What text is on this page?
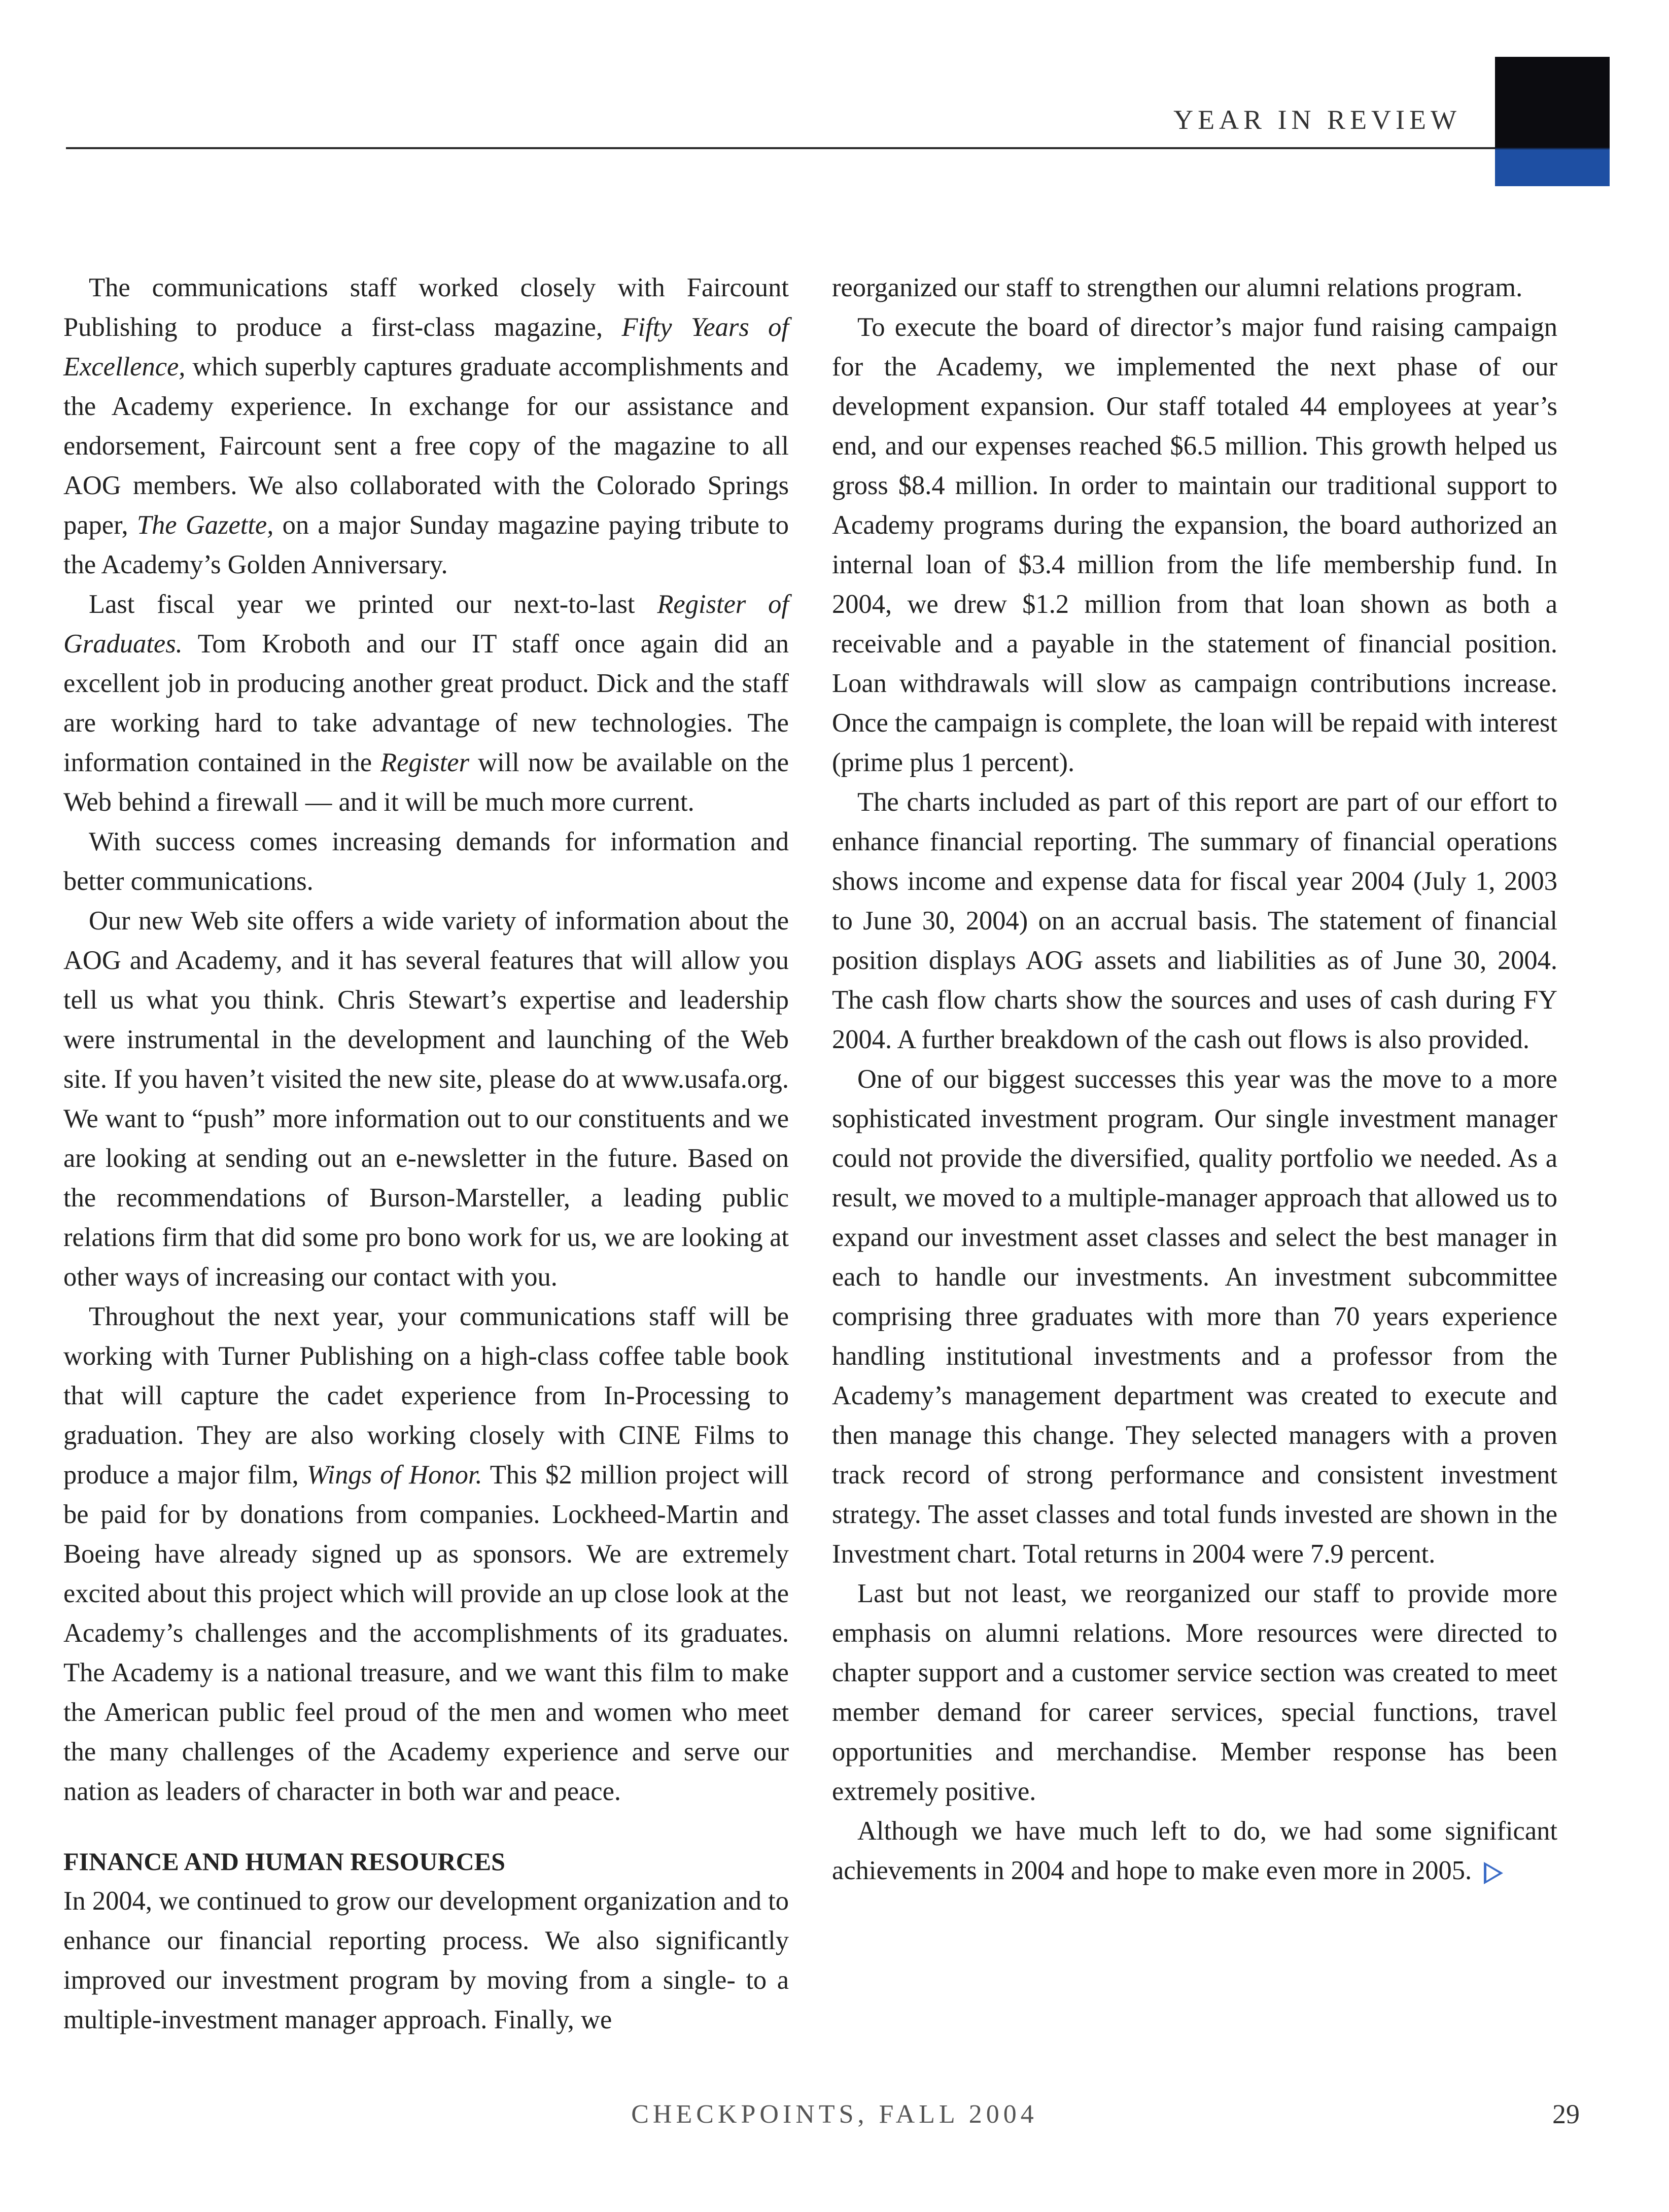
YEAR IN REVIEW

The communications staff worked closely with Faircount Publishing to produce a first-class magazine, Fifty Years of Excellence, which superbly captures graduate accomplishments and the Academy experience. In exchange for our assistance and endorsement, Faircount sent a free copy of the magazine to all AOG members. We also collaborated with the Colorado Springs paper, The Gazette, on a major Sunday magazine paying tribute to the Academy’s Golden Anniversary.

Last fiscal year we printed our next-to-last Register of Graduates. Tom Kroboth and our IT staff once again did an excellent job in producing another great product. Dick and the staff are working hard to take advantage of new technologies. The information contained in the Register will now be available on the Web behind a firewall — and it will be much more current.

With success comes increasing demands for information and better communications.

Our new Web site offers a wide variety of information about the AOG and Academy, and it has several features that will allow you tell us what you think. Chris Stewart’s expertise and leadership were instrumental in the development and launching of the Web site. If you haven’t visited the new site, please do at www.usafa.org. We want to “push” more information out to our constituents and we are looking at sending out an e-newsletter in the future. Based on the recommendations of Burson-Marsteller, a leading public relations firm that did some pro bono work for us, we are looking at other ways of increasing our contact with you.

Throughout the next year, your communications staff will be working with Turner Publishing on a high-class coffee table book that will capture the cadet experience from In-Processing to graduation. They are also working closely with CINE Films to produce a major film, Wings of Honor. This $2 million project will be paid for by donations from companies. Lockheed-Martin and Boeing have already signed up as sponsors. We are extremely excited about this project which will provide an up close look at the Academy’s challenges and the accomplishments of its graduates. The Academy is a national treasure, and we want this film to make the American public feel proud of the men and women who meet the many challenges of the Academy experience and serve our nation as leaders of character in both war and peace.

FINANCE AND HUMAN RESOURCES

In 2004, we continued to grow our development organization and to enhance our financial reporting process. We also significantly improved our investment program by moving from a single- to a multiple-investment manager approach. Finally, we

reorganized our staff to strengthen our alumni relations program.

To execute the board of director’s major fund raising campaign for the Academy, we implemented the next phase of our development expansion. Our staff totaled 44 employees at year’s end, and our expenses reached $6.5 million. This growth helped us gross $8.4 million. In order to maintain our traditional support to Academy programs during the expansion, the board authorized an internal loan of $3.4 million from the life membership fund. In 2004, we drew $1.2 million from that loan shown as both a receivable and a payable in the statement of financial position. Loan withdrawals will slow as campaign contributions increase. Once the campaign is complete, the loan will be repaid with interest (prime plus 1 percent).

The charts included as part of this report are part of our effort to enhance financial reporting. The summary of financial operations shows income and expense data for fiscal year 2004 (July 1, 2003 to June 30, 2004) on an accrual basis. The statement of financial position displays AOG assets and liabilities as of June 30, 2004. The cash flow charts show the sources and uses of cash during FY 2004. A further breakdown of the cash out flows is also provided.

One of our biggest successes this year was the move to a more sophisticated investment program. Our single investment manager could not provide the diversified, quality portfolio we needed. As a result, we moved to a multiple-manager approach that allowed us to expand our investment asset classes and select the best manager in each to handle our investments. An investment subcommittee comprising three graduates with more than 70 years experience handling institutional investments and a professor from the Academy’s management department was created to execute and then manage this change. They selected managers with a proven track record of strong performance and consistent investment strategy. The asset classes and total funds invested are shown in the Investment chart. Total returns in 2004 were 7.9 percent.

Last but not least, we reorganized our staff to provide more emphasis on alumni relations. More resources were directed to chapter support and a customer service section was created to meet member demand for career services, special functions, travel opportunities and merchandise. Member response has been extremely positive.

Although we have much left to do, we had some significant achievements in 2004 and hope to make even more in 2005.

CHECKPOINTS, FALL 2004	29
